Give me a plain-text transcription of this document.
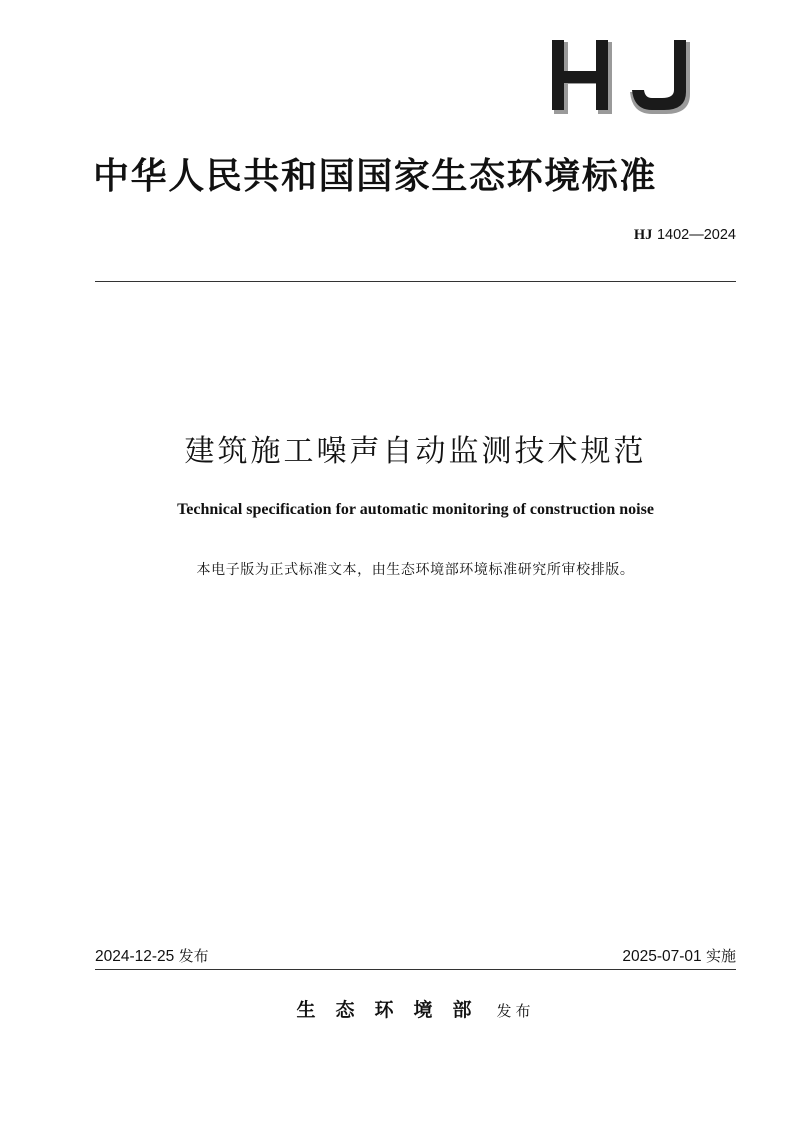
中华人民共和国国家生态环境标准
HJ 1402—2024
建筑施工噪声自动监测技术规范
Technical specification for automatic monitoring of construction noise
本电子版为正式标准文本，由生态环境部环境标准研究所审校排版。
2024-12-25 发布	2025-07-01 实施
生态环境部 发布
